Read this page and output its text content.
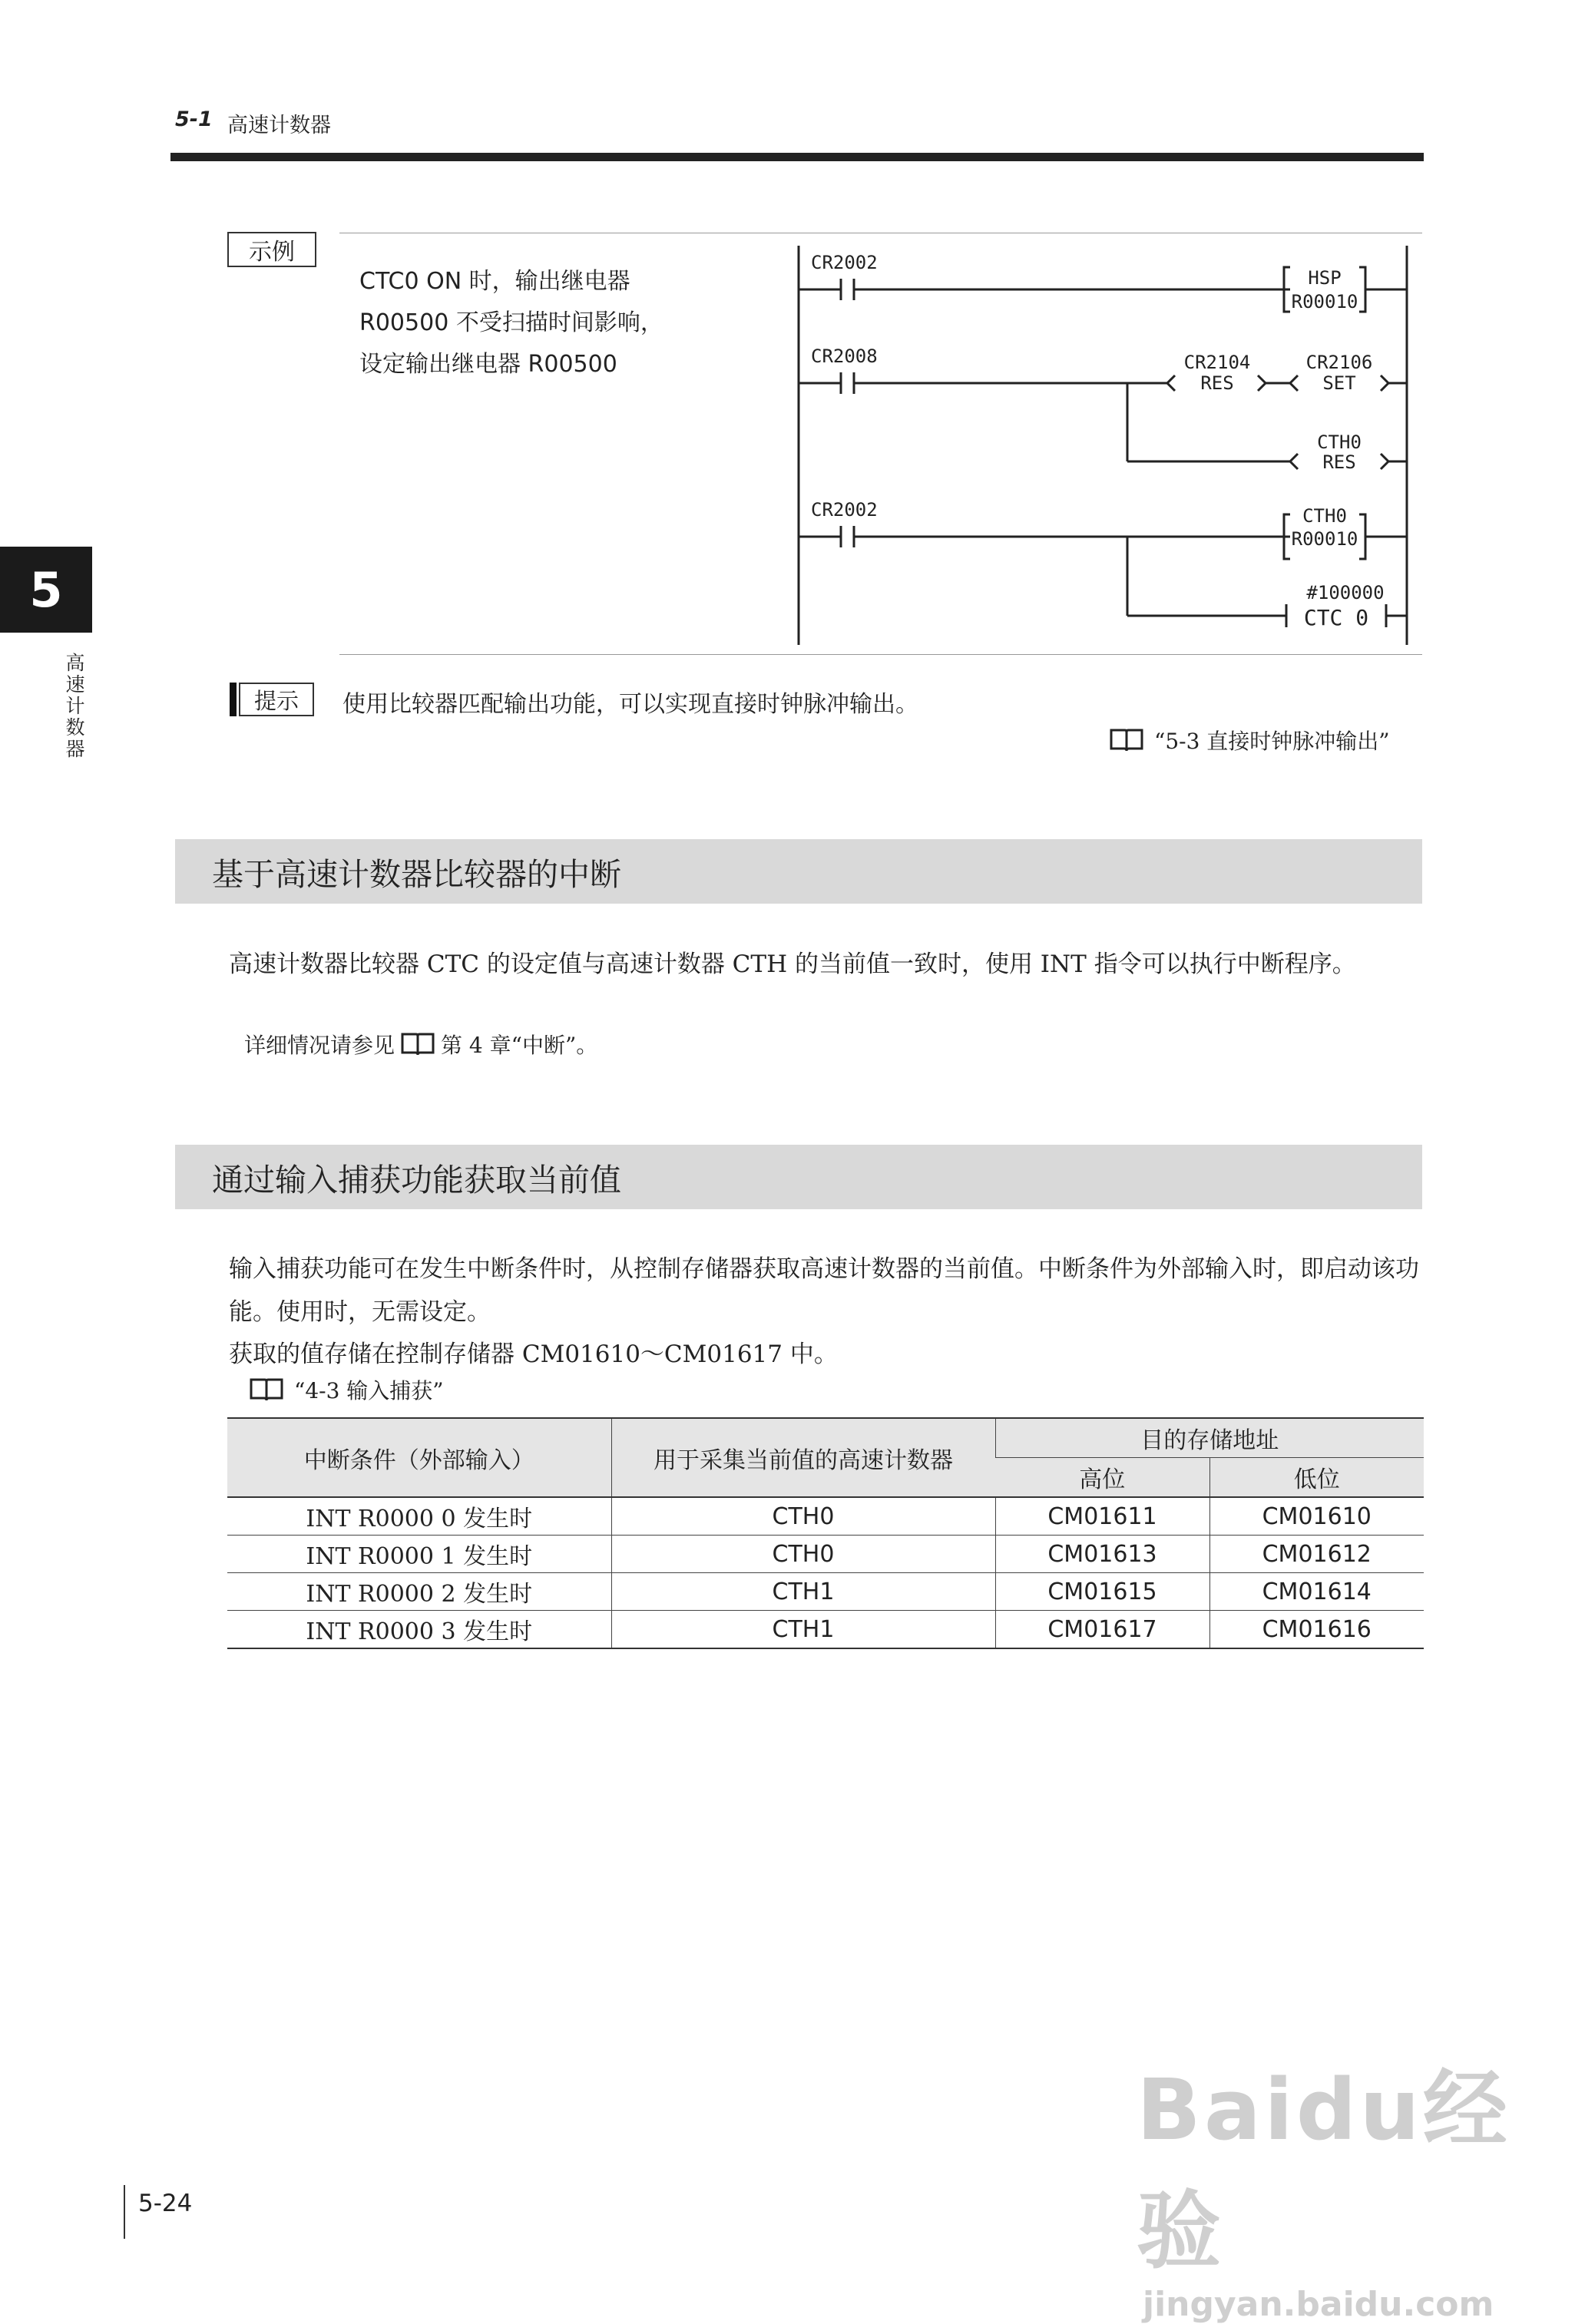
5-1 高速计数器
5
高速计数器
示例
CTC0 ON 时，输出继电器
R00500 不受扫描时间影响，
设定输出继电器 R00500
CR2002
HSP
R00010
CR2008	CR2104
RES
CR2106
SET
CTH0
RES
CR2002	CTH0
R00010
#100000
CTC 0
提示	使用比较器匹配输出功能，可以实现直接时钟脉冲输出。
“5-3 直接时钟脉冲输出”
基于高速计数器比较器的中断
高速计数器比较器 CTC 的设定值与高速计数器 CTH 的当前值一致时，使用 INT 指令可以执行中断程序。
详细情况请参见 第 4 章“中断”。
通过输入捕获功能获取当前值
输入捕获功能可在发生中断条件时，从控制存储器获取高速计数器的当前值。中断条件为外部输入时，即启动该功能。使用时，无需设定。
获取的值存储在控制存储器 CM01610～CM01617 中。
“4-3 输入捕获”
中断条件（外部输入）	用于采集当前值的高速计数器	目的存储地址	
		高位	低位
INT R0000 0 发生时	CTH0	CM01611	CM01610
INT R0000 1 发生时	CTH0	CM01613	CM01612
INT R0000 2 发生时	CTH1	CM01615	CM01614
INT R0000 3 发生时	CTH1	CM01617	CM01616
5-24
Baidu经验
jingyan.baidu.com
